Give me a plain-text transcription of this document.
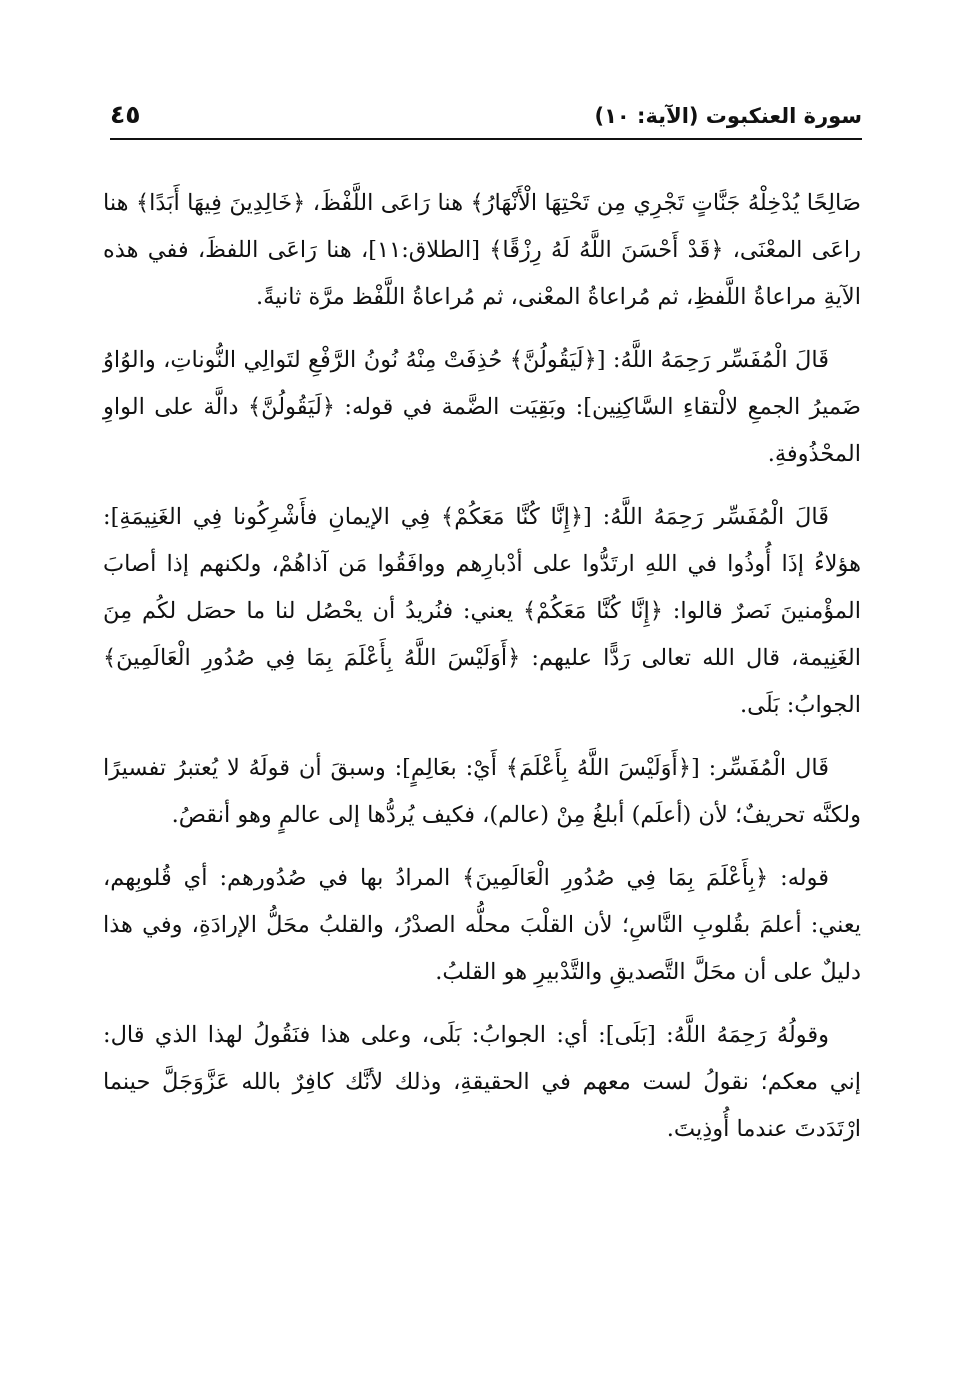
سورة العنكبوت (الآية: ١٠)
٤٥

صَالِحًا يُدْخِلْهُ جَنَّاتٍ تَجْرِي مِن تَحْتِهَا الْأَنْهَارُ﴾ هنا رَاعَى اللَّفْظَ، ﴿خَالِدِينَ فِيهَا أَبَدًا﴾ هنا راعَى المعْنَى، ﴿قَدْ أَحْسَنَ اللَّهُ لَهُ رِزْقًا﴾ [الطلاق:١١]، هنا رَاعَى اللفظَ، ففي هذه الآيةِ مراعاةُ اللَّفظِ، ثم مُراعاةُ المعْنى، ثم مُراعاةُ اللَّفْظ مرَّة ثانيةً.

قَالَ الْمُفَسِّر رَحِمَهُ اللَّهُ: [﴿لَيَقُولُنَّ﴾ حُذِفَتْ مِنْهُ نُونُ الرَّفْعِ لتَوالِي النُّوناتِ، والوُاوُ ضَميرُ الجمعِ لالْتقاءِ السَّاكِنِين]: وبَقِيَت الضَّمة في قوله: ﴿لَيَقُولُنَّ﴾ دالَّة على الواوِ المحْذُوفةِ.

قَالَ الْمُفَسِّر رَحِمَهُ اللَّهُ: [﴿إِنَّا كُنَّا مَعَكُمْ﴾ فِي الإيمانِ فأَشْرِكُونا فِي الغَنِيمَةِ]: هؤلاءُ إذَا أُوذُوا في اللهِ ارتَدُّوا على أدْبارِهم ووافَقُوا مَن آذاهُمْ، ولكنهم إذا أصابَ المؤْمنينَ نَصرٌ قالوا: ﴿إِنَّا كُنَّا مَعَكُمْ﴾ يعني: فنُريدُ أن يحْصُل لنا ما حصَل لكُم مِنَ الغَنِيمة، قال الله تعالى رَدًّا عليهم: ﴿أَوَلَيْسَ اللَّهُ بِأَعْلَمَ بِمَا فِي صُدُورِ الْعَالَمِينَ﴾ الجوابُ: بَلَى.

قَال الْمُفَسِّر: [﴿أَوَلَيْسَ اللَّهُ بِأَعْلَمَ﴾ أَيْ: بعَالِمٍ]: وسبقَ أن قولَهُ لا يُعتبرُ تفسيرًا ولكنَّه تحريفٌ؛ لأن (أعلَم) أبلغُ مِنْ (عالم)، فكيف يُردُّها إلى عالمٍ وهو أنقصُ.

قوله: ﴿بِأَعْلَمَ بِمَا فِي صُدُورِ الْعَالَمِينَ﴾ المرادُ بها في صُدُورهم: أي قُلوبِهم، يعني: أعلمَ بقُلوبِ النَّاسِ؛ لأن القلْبَ محلُّه الصدْرُ، والقلبُ محَلُّ الإرادَةِ، وفي هذا دليلٌ على أن محَلَّ التَّصديقِ والتَّدْبيرِ هو القلبُ.

وقولُهُ رَحِمَهُ اللَّهُ: [بَلَى]: أي: الجوابُ: بَلَى، وعلى هذا فنَقُولُ لهذا الذي قال: إني معكم؛ نقولُ لست معهم في الحقيقةِ، وذلك لأنَّك كافِرٌ بالله عَزَّوَجَلَّ حينما ارْتَدَدتَ عندما أُوذِيتَ.
